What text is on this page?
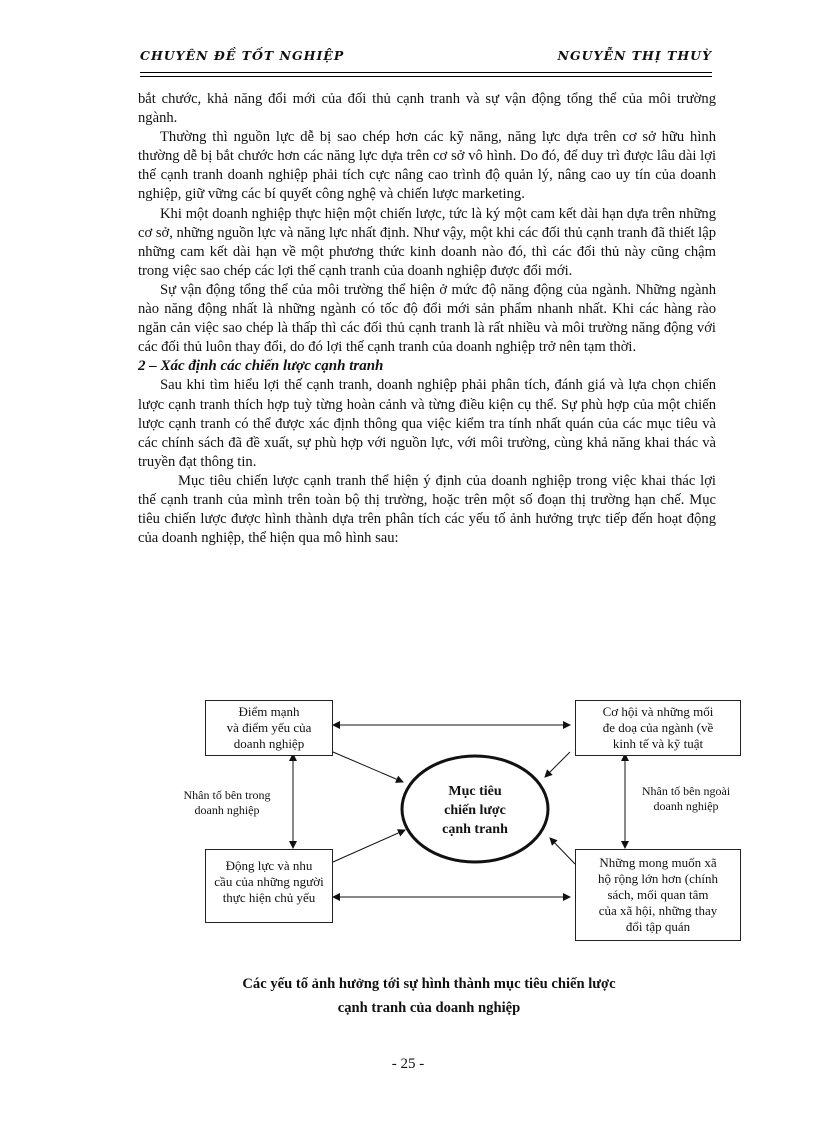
CHUYÊN ĐỀ TỐT NGHIỆP	NGUYỄN THỊ THUỲ

bắt chước, khả năng đổi mới của đối thủ cạnh tranh và sự vận động tổng thể của môi trường ngành.

Thường thì nguồn lực dễ bị sao chép hơn các kỹ năng, năng lực dựa trên cơ sở hữu hình thường dễ bị bắt chước hơn các năng lực dựa trên cơ sở vô hình. Do đó, để duy trì được lâu dài lợi thế cạnh tranh doanh nghiệp phải tích cực nâng cao trình độ quản lý, nâng cao uy tín của doanh nghiệp, giữ vững các bí quyết công nghệ và chiến lược marketing.

Khi một doanh nghiệp thực hiện một chiến lược, tức là ký một cam kết dài hạn dựa trên những cơ sở, những nguồn lực và năng lực nhất định. Như vậy, một khi các đối thủ cạnh tranh đã thiết lập những cam kết dài hạn về một phương thức kinh doanh nào đó, thì các đối thủ này cũng chậm trong việc sao chép các lợi thế cạnh tranh của doanh nghiệp được đổi mới.

Sự vận động tổng thể của môi trường thể hiện ở mức độ năng động của ngành. Những ngành nào năng động nhất là những ngành có tốc độ đổi mới sản phẩm nhanh nhất. Khi các hàng rào ngăn cản việc sao chép là thấp thì các đối thủ cạnh tranh là rất nhiều và môi trường năng động với các đối thủ luôn thay đổi, do đó lợi thế cạnh tranh của doanh nghiệp trở nên tạm thời.

2 – Xác định các chiến lược cạnh tranh

Sau khi tìm hiểu lợi thế cạnh tranh, doanh nghiệp phải phân tích, đánh giá và lựa chọn chiến lược cạnh tranh thích hợp tuỳ từng hoàn cảnh và từng điều kiện cụ thể. Sự phù hợp của một chiến lược cạnh tranh có thể được xác định thông qua việc kiểm tra tính nhất quán của các mục tiêu và các chính sách đã đề xuất, sự phù hợp với nguồn lực, với môi trường, cùng khả năng khai thác và truyền đạt thông tin.

Mục tiêu chiến lược cạnh tranh thể hiện ý định của doanh nghiệp trong việc khai thác lợi thế cạnh tranh của mình trên toàn bộ thị trường, hoặc trên một số đoạn thị trường hạn chế. Mục tiêu chiến lược được hình thành dựa trên phân tích các yếu tố ảnh hưởng trực tiếp đến hoạt động của doanh nghiệp, thể hiện qua mô hình sau:

Điểm mạnh
và điểm yếu của
doanh nghiệp
Cơ hội và những mối
đe doạ của ngành (về
kinh tế và kỹ tuật
Động lực và nhu
cầu của những người
thực hiện chủ yếu
Những mong muốn xã
hộ rộng lớn hơn (chính
sách, mối quan tâm
của xã hội, những thay
đổi tập quán
Nhân tố bên trong
doanh nghiệp
Nhân tố bên ngoài
doanh nghiệp
Mục tiêu
chiến lược
cạnh tranh
Các yếu tố ảnh hưởng tới sự hình thành mục tiêu chiến lược
cạnh tranh của doanh nghiệp
- 25 -
